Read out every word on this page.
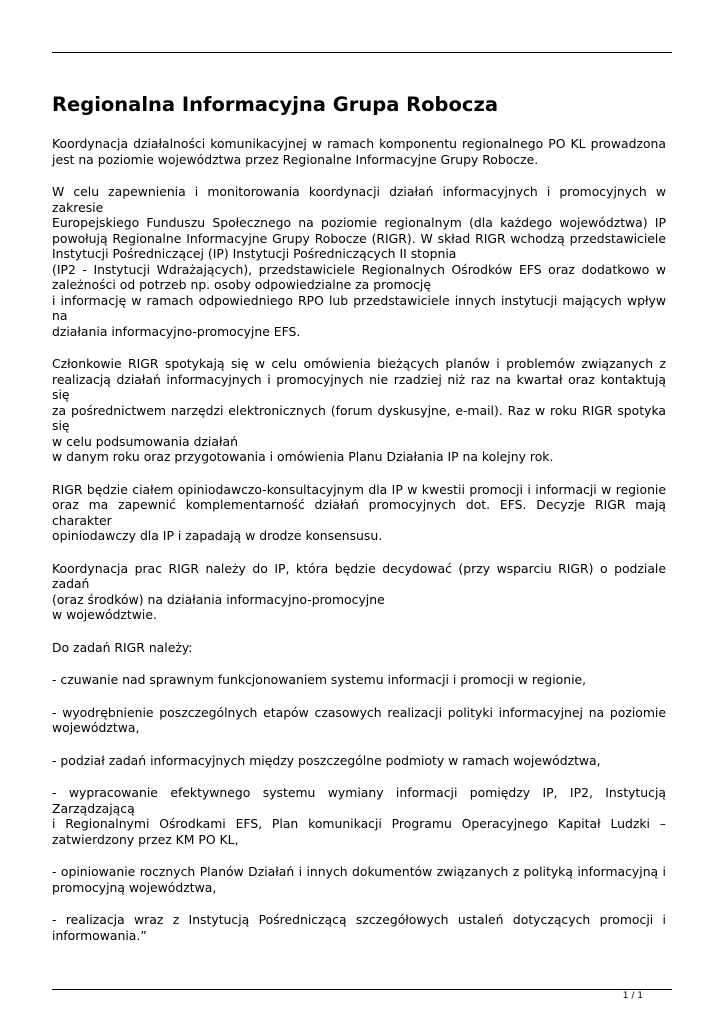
Regionalna Informacyjna Grupa Robocza

Koordynacja działalności komunikacyjnej w ramach komponentu regionalnego PO KL prowadzona
jest na poziomie województwa przez Regionalne Informacyjne Grupy Robocze.

W celu zapewnienia i monitorowania koordynacji działań informacyjnych i promocyjnych w zakresie
Europejskiego Funduszu Społecznego na poziomie regionalnym (dla każdego województwa) IP
powołują Regionalne Informacyjne Grupy Robocze (RIGR). W skład RIGR wchodzą przedstawiciele
Instytucji Pośredniczącej (IP) Instytucji Pośredniczących II stopnia
(IP2 - Instytucji Wdrażających), przedstawiciele Regionalnych Ośrodków EFS oraz dodatkowo w
zależności od potrzeb np. osoby odpowiedzialne za promocję
i informację w ramach odpowiedniego RPO lub przedstawiciele innych instytucji mających wpływ na
działania informacyjno-promocyjne EFS.

Członkowie RIGR spotykają się w celu omówienia bieżących planów i problemów związanych z
realizacją działań informacyjnych i promocyjnych nie rzadziej niż raz na kwartał oraz kontaktują się
za pośrednictwem narzędzi elektronicznych (forum dyskusyjne, e-mail). Raz w roku RIGR spotyka się
w celu podsumowania działań
w danym roku oraz przygotowania i omówienia Planu Działania IP na kolejny rok.

RIGR będzie ciałem opiniodawczo-konsultacyjnym dla IP w kwestii promocji i informacji w regionie
oraz ma zapewnić komplementarność działań promocyjnych dot. EFS. Decyzje RIGR mają charakter
opiniodawczy dla IP i zapadają w drodze konsensusu.

Koordynacja prac RIGR należy do IP, która będzie decydować (przy wsparciu RIGR) o podziale zadań
(oraz środków) na działania informacyjno-promocyjne
w województwie.

Do zadań RIGR należy:

- czuwanie nad sprawnym funkcjonowaniem systemu informacji i promocji w regionie,

- wyodrębnienie poszczególnych etapów czasowych realizacji polityki informacyjnej na poziomie
województwa,

- podział zadań informacyjnych między poszczególne podmioty w ramach województwa,

- wypracowanie efektywnego systemu wymiany informacji pomiędzy IP, IP2, Instytucją Zarządzającą
i Regionalnymi Ośrodkami EFS, Plan komunikacji Programu Operacyjnego Kapitał Ludzki –
zatwierdzony przez KM PO KL,

- opiniowanie rocznych Planów Działań i innych dokumentów związanych z polityką informacyjną i
promocyjną województwa,

- realizacja wraz z Instytucją Pośredniczącą szczegółowych ustaleń dotyczących promocji i
informowania.”

1 / 1
